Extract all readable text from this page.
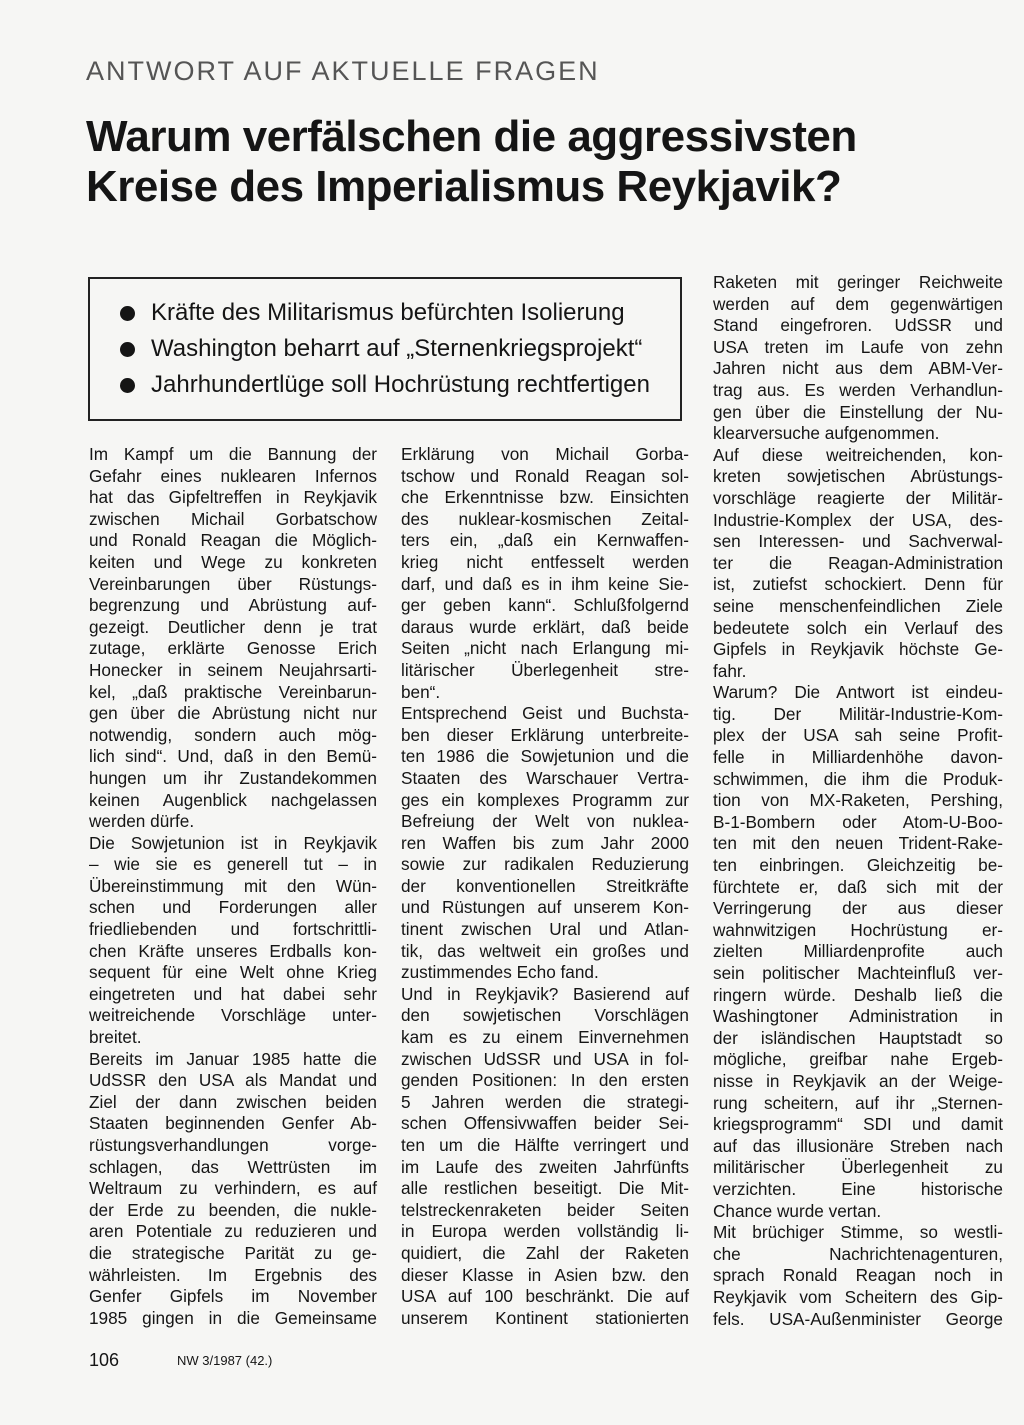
ANTWORT AUF AKTUELLE FRAGEN
Warum verfälschen die aggressivsten
Kreise des Imperialismus Reykjavik?
Kräfte des Militarismus befürchten Isolierung
Washington beharrt auf „Sternenkriegsprojekt“
Jahrhundertlüge soll Hochrüstung rechtfertigen
Im Kampf um die Bannung der
Gefahr eines nuklearen Infernos
hat das Gipfeltreffen in Reykjavik
zwischen Michail Gorbatschow
und Ronald Reagan die Möglich-
keiten und Wege zu konkreten
Vereinbarungen über Rüstungs-
begrenzung und Abrüstung auf-
gezeigt. Deutlicher denn je trat
zutage, erklärte Genosse Erich
Honecker in seinem Neujahrsarti-
kel, „daß praktische Vereinbarun-
gen über die Abrüstung nicht nur
notwendig, sondern auch mög-
lich sind“. Und, daß in den Bemü-
hungen um ihr Zustandekommen
keinen Augenblick nachgelassen
werden dürfe.
Die Sowjetunion ist in Reykjavik
– wie sie es generell tut – in
Übereinstimmung mit den Wün-
schen und Forderungen aller
friedliebenden und fortschrittli-
chen Kräfte unseres Erdballs kon-
sequent für eine Welt ohne Krieg
eingetreten und hat dabei sehr
weitreichende Vorschläge unter-
breitet.
Bereits im Januar 1985 hatte die
UdSSR den USA als Mandat und
Ziel der dann zwischen beiden
Staaten beginnenden Genfer Ab-
rüstungsverhandlungen vorge-
schlagen, das Wettrüsten im
Weltraum zu verhindern, es auf
der Erde zu beenden, die nukle-
aren Potentiale zu reduzieren und
die strategische Parität zu ge-
währleisten. Im Ergebnis des
Genfer Gipfels im November
1985 gingen in die Gemeinsame
Erklärung von Michail Gorba-
tschow und Ronald Reagan sol-
che Erkenntnisse bzw. Einsichten
des nuklear-kosmischen Zeital-
ters ein, „daß ein Kernwaffen-
krieg nicht entfesselt werden
darf, und daß es in ihm keine Sie-
ger geben kann“. Schlußfolgernd
daraus wurde erklärt, daß beide
Seiten „nicht nach Erlangung mi-
litärischer Überlegenheit stre-
ben“.
Entsprechend Geist und Buchsta-
ben dieser Erklärung unterbreite-
ten 1986 die Sowjetunion und die
Staaten des Warschauer Vertra-
ges ein komplexes Programm zur
Befreiung der Welt von nuklea-
ren Waffen bis zum Jahr 2000
sowie zur radikalen Reduzierung
der konventionellen Streitkräfte
und Rüstungen auf unserem Kon-
tinent zwischen Ural und Atlan-
tik, das weltweit ein großes und
zustimmendes Echo fand.
Und in Reykjavik? Basierend auf
den sowjetischen Vorschlägen
kam es zu einem Einvernehmen
zwischen UdSSR und USA in fol-
genden Positionen: In den ersten
5 Jahren werden die strategi-
schen Offensivwaffen beider Sei-
ten um die Hälfte verringert und
im Laufe des zweiten Jahrfünfts
alle restlichen beseitigt. Die Mit-
telstreckenraketen beider Seiten
in Europa werden vollständig li-
quidiert, die Zahl der Raketen
dieser Klasse in Asien bzw. den
USA auf 100 beschränkt. Die auf
unserem Kontinent stationierten
Raketen mit geringer Reichweite
werden auf dem gegenwärtigen
Stand eingefroren. UdSSR und
USA treten im Laufe von zehn
Jahren nicht aus dem ABM-Ver-
trag aus. Es werden Verhandlun-
gen über die Einstellung der Nu-
klearversuche aufgenommen.
Auf diese weitreichenden, kon-
kreten sowjetischen Abrüstungs-
vorschläge reagierte der Militär-
Industrie-Komplex der USA, des-
sen Interessen- und Sachverwal-
ter die Reagan-Administration
ist, zutiefst schockiert. Denn für
seine menschenfeindlichen Ziele
bedeutete solch ein Verlauf des
Gipfels in Reykjavik höchste Ge-
fahr.
Warum? Die Antwort ist eindeu-
tig. Der Militär-Industrie-Kom-
plex der USA sah seine Profit-
felle in Milliardenhöhe davon-
schwimmen, die ihm die Produk-
tion von MX-Raketen, Pershing,
B-1-Bombern oder Atom-U-Boo-
ten mit den neuen Trident-Rake-
ten einbringen. Gleichzeitig be-
fürchtete er, daß sich mit der
Verringerung der aus dieser
wahnwitzigen Hochrüstung er-
zielten Milliardenprofite auch
sein politischer Machteinfluß ver-
ringern würde. Deshalb ließ die
Washingtoner Administration in
der isländischen Hauptstadt so
mögliche, greifbar nahe Ergeb-
nisse in Reykjavik an der Weige-
rung scheitern, auf ihr „Sternen-
kriegsprogramm“ SDI und damit
auf das illusionäre Streben nach
militärischer Überlegenheit zu
verzichten. Eine historische
Chance wurde vertan.
Mit brüchiger Stimme, so westli-
che Nachrichtenagenturen,
sprach Ronald Reagan noch in
Reykjavik vom Scheitern des Gip-
fels. USA-Außenminister George
106	NW 3/1987 (42.)
